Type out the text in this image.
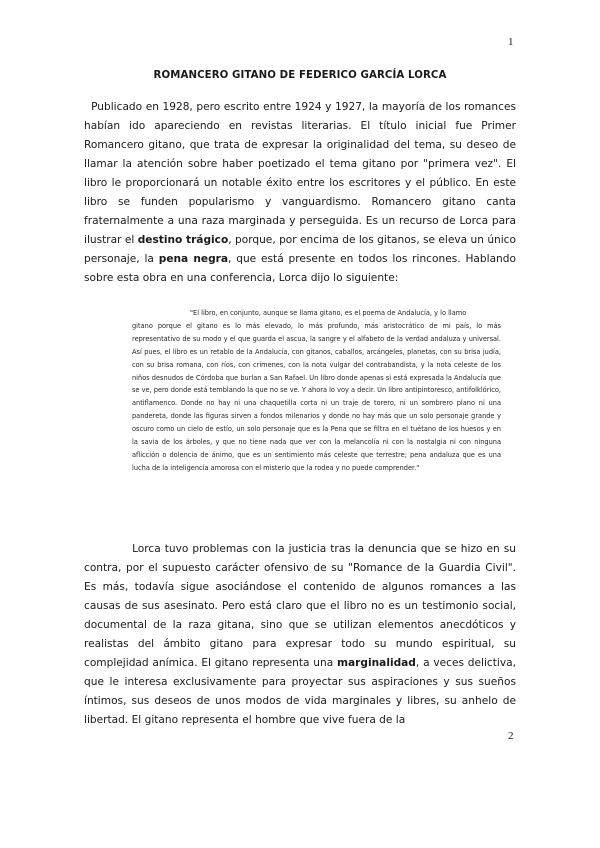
1
ROMANCERO GITANO DE FEDERICO GARCÍA LORCA

Publicado en 1928, pero escrito entre 1924 y 1927, la mayoría de los romances habían ido apareciendo en revistas literarias. El título inicial fue Primer Romancero gitano, que trata de expresar la originalidad del tema, su deseo de llamar la atención sobre haber poetizado el tema gitano por "primera vez". El libro le proporcionará un notable éxito entre los escritores y el público. En este libro se funden popularismo y vanguardismo. Romancero gitano canta fraternalmente a una raza marginada y perseguida. Es un recurso de Lorca para ilustrar el destino trágico, porque, por encima de los gitanos, se eleva un único personaje, la pena negra, que está presente en todos los rincones. Hablando sobre esta obra en una conferencia, Lorca dijo lo siguiente:

"El libro, en conjunto, aunque se llama gitano, es el poema de Andalucía, y lo llamo
gitano porque el gitano es lo más elevado, lo más profundo, más aristocrático de mi país, lo más representativo de su modo y el que guarda el ascua, la sangre y el alfabeto de la verdad andaluza y universal. Así pues, el libro es un retablo de la Andalucía, con gitanos, caballos, arcángeles, planetas, con su brisa judía, con su brisa romana, con ríos, con crímenes, con la nota vulgar del contrabandista, y la nota celeste de los niños desnudos de Córdoba que burlan a San Rafael. Un libro donde apenas si está expresada la Andalucía que se ve, pero donde está temblando la que no se ve. Y ahora lo voy a decir. Un libro antipintoresco, antifolklórico, antiflamenco. Donde no hay ni una chaquetilla corta ni un traje de torero, ni un sombrero plano ni una pandereta, donde las figuras sirven a fondos milenarios y donde no hay más que un solo personaje grande y oscuro como un cielo de estío, un solo personaje que es la Pena que se filtra en el tuétano de los huesos y en la savia de los árboles, y que no tiene nada que ver con la melancolía ni con la nostalgia ni con ninguna aflicción o dolencia de ánimo, que es un sentimiento más celeste que terrestre; pena andaluza que es una lucha de la inteligencia amorosa con el misterio que la rodea y no puede comprender."

Lorca tuvo problemas con la justicia tras la denuncia que se hizo en su contra, por el supuesto carácter ofensivo de su "Romance de la Guardia Civil". Es más, todavía sigue asociándose el contenido de algunos romances a las causas de sus asesinato. Pero está claro que el libro no es un testimonio social, documental de la raza gitana, sino que se utilizan elementos anecdóticos y realistas del ámbito gitano para expresar todo su mundo espiritual, su complejidad anímica. El gitano representa una marginalidad, a veces delictiva, que le interesa exclusivamente para proyectar sus aspiraciones y sus sueños íntimos, sus deseos de unos modos de vida marginales y libres, su anhelo de libertad. El gitano representa el hombre que vive fuera de la

2
